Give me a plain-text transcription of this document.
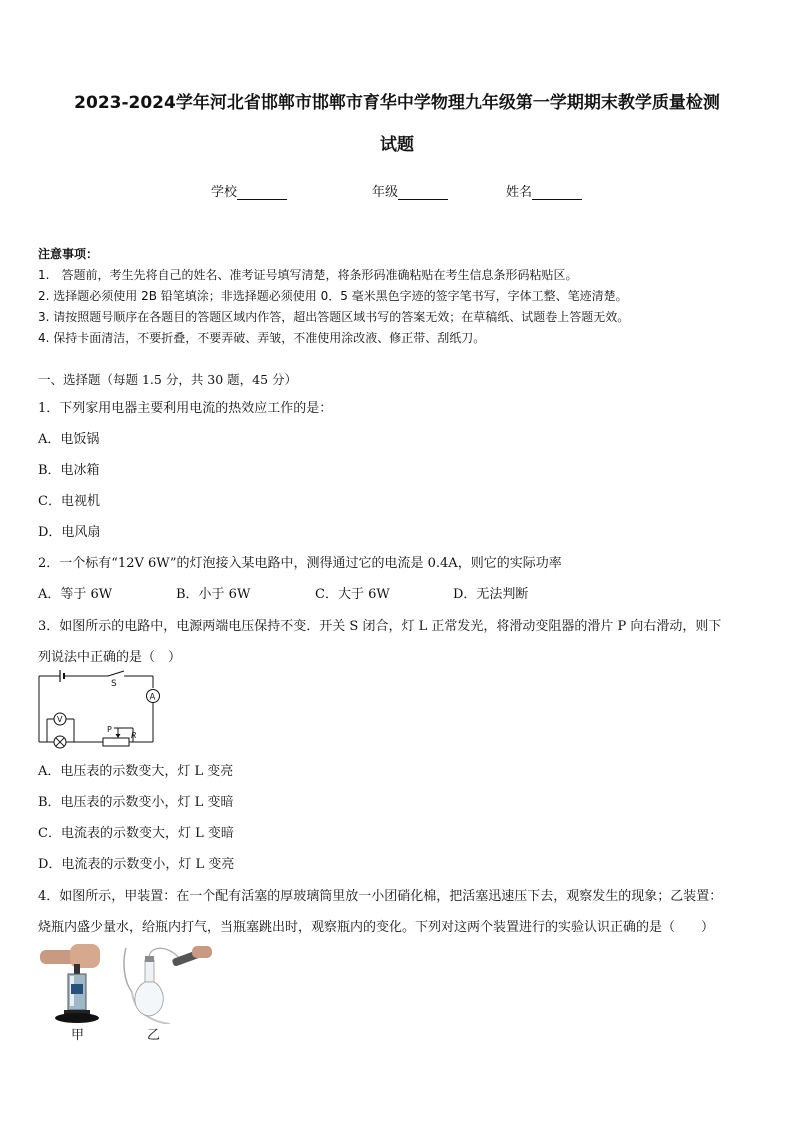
2023-2024学年河北省邯郸市邯郸市育华中学物理九年级第一学期期末教学质量检测
试题
学校	年级	姓名
注意事项：
1.　答题前，考生先将自己的姓名、准考证号填写清楚，将条形码准确粘贴在考生信息条形码粘贴区。
2. 选择题必须使用 2B 铅笔填涂；非选择题必须使用 0．5 毫米黑色字迹的签字笔书写，字体工整、笔迹清楚。
3. 请按照题号顺序在各题目的答题区域内作答，超出答题区域书写的答案无效；在草稿纸、试题卷上答题无效。
4. 保持卡面清洁，不要折叠，不要弄破、弄皱，不准使用涂改液、修正带、刮纸刀。
一、选择题（每题 1.5 分，共 30 题，45 分）
1．下列家用电器主要利用电流的热效应工作的是：
A．电饭锅
B．电冰箱
C．电视机
D．电风扇
2．一个标有“12V 6W”的灯泡接入某电路中，测得通过它的电流是 0.4A，则它的实际功率
A．等于 6W	B．小于 6W	C．大于 6W	D．无法判断
3．如图所示的电路中，电源两端电压保持不变．开关 S 闭合，灯 L 正常发光，将滑动变阻器的滑片 P 向右滑动，则下
列说法中正确的是（　）
S
A
V
P
R
A．电压表的示数变大，灯 L 变亮
B．电压表的示数变小，灯 L 变暗
C．电流表的示数变大，灯 L 变暗
D．电流表的示数变小，灯 L 变亮
4．如图所示，甲装置：在一个配有活塞的厚玻璃筒里放一小团硝化棉，把活塞迅速压下去，观察发生的现象；乙装置：
烧瓶内盛少量水，给瓶内打气，当瓶塞跳出时，观察瓶内的变化。下列对这两个装置进行的实验认识正确的是（　　）
甲	乙
